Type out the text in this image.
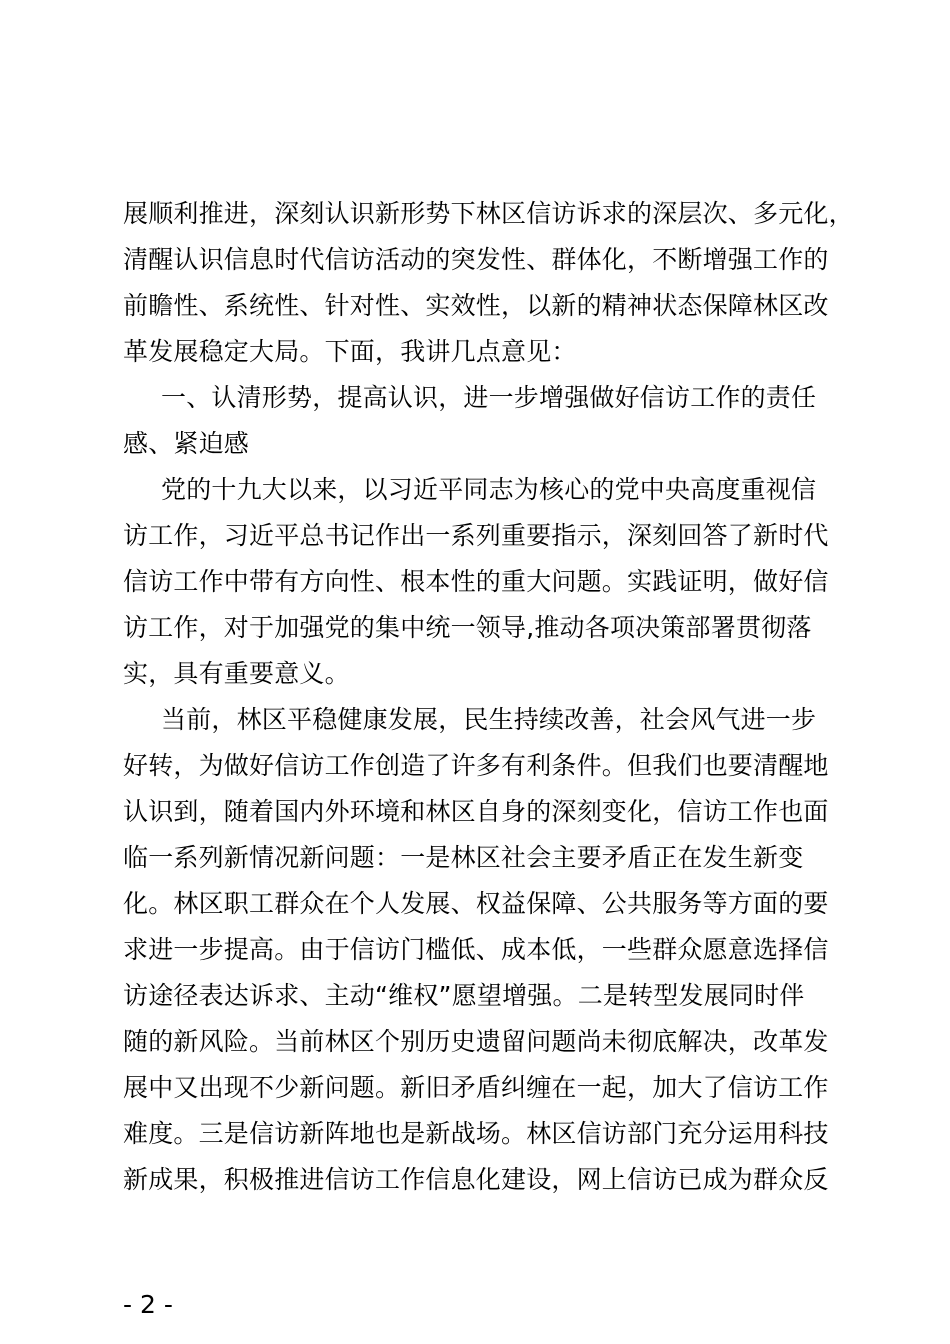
展顺利推进，深刻认识新形势下林区信访诉求的深层次、多元化，
清醒认识信息时代信访活动的突发性、群体化，不断增强工作的
前瞻性、系统性、针对性、实效性，以新的精神状态保障林区改
革发展稳定大局。下面，我讲几点意见：
一、认清形势，提高认识，进一步增强做好信访工作的责任
感、紧迫感
党的十九大以来，以习近平同志为核心的党中央高度重视信
访工作，习近平总书记作出一系列重要指示，深刻回答了新时代
信访工作中带有方向性、根本性的重大问题。实践证明，做好信
访工作，对于加强党的集中统一领导,推动各项决策部署贯彻落
实，具有重要意义。
当前，林区平稳健康发展，民生持续改善，社会风气进一步
好转，为做好信访工作创造了许多有利条件。但我们也要清醒地
认识到，随着国内外环境和林区自身的深刻变化，信访工作也面
临一系列新情况新问题：一是林区社会主要矛盾正在发生新变
化。林区职工群众在个人发展、权益保障、公共服务等方面的要
求进一步提高。由于信访门槛低、成本低，一些群众愿意选择信
访途径表达诉求、主动“维权”愿望增强。二是转型发展同时伴
随的新风险。当前林区个别历史遗留问题尚未彻底解决，改革发
展中又出现不少新问题。新旧矛盾纠缠在一起，加大了信访工作
难度。三是信访新阵地也是新战场。林区信访部门充分运用科技
新成果，积极推进信访工作信息化建设，网上信访已成为群众反
- 2 -
